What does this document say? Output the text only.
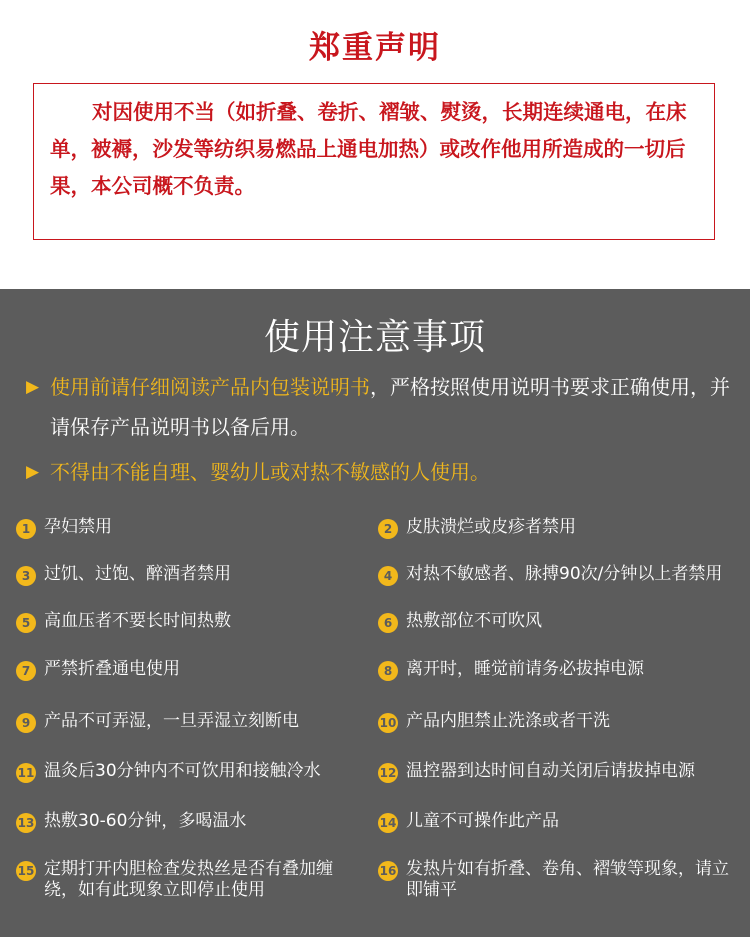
郑重声明
对因使用不当（如折叠、卷折、褶皱、熨烫，长期连续通电，在床单，被褥，沙发等纺织易燃品上通电加热）或改作他用所造成的一切后果，本公司概不负责。
使用注意事项
▶ 使用前请仔细阅读产品内包装说明书，严格按照使用说明书要求正确使用，并请保存产品说明书以备后用。
▶ 不得由不能自理、婴幼儿或对热不敏感的人使用。
1 孕妇禁用	2 皮肤溃烂或皮疹者禁用
3 过饥、过饱、醉酒者禁用	4 对热不敏感者、脉搏90次/分钟以上者禁用
5 高血压者不要长时间热敷	6 热敷部位不可吹风
7 严禁折叠通电使用	8 离开时，睡觉前请务必拔掉电源
9 产品不可弄湿，一旦弄湿立刻断电	10 产品内胆禁止洗涤或者干洗
11 温灸后30分钟内不可饮用和接触冷水	12 温控器到达时间自动关闭后请拔掉电源
13 热敷30-60分钟，多喝温水	14 儿童不可操作此产品
15 定期打开内胆检查发热丝是否有叠加缠绕，如有此现象立即停止使用
16 发热片如有折叠、卷角、褶皱等现象，请立即铺平
